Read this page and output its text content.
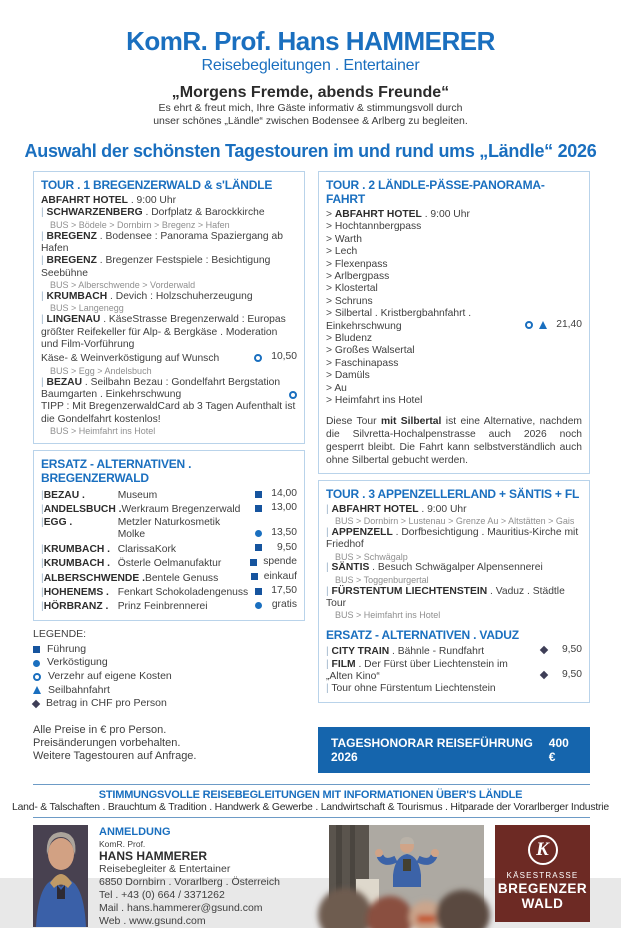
KomR. Prof. Hans HAMMERER
Reisebegleitungen . Entertainer
„Morgens Fremde, abends Freunde“
Es ehrt & freut mich, Ihre Gäste informativ & stimmungsvoll durch
unser schönes „Ländle“ zwischen Bodensee & Arlberg zu begleiten.
Auswahl der schönsten Tagestouren im und rund ums „Ländle“ 2026
TOUR . 1 BREGENZERWALD & s'LÄNDLE
ABFAHRT HOTEL . 9:00 Uhr
| SCHWARZENBERG . Dorfplatz & Barockkirche
BUS > Bödele > Dornbirn > Bregenz > Hafen
| BREGENZ . Bodensee : Panorama Spaziergang ab Hafen
| BREGENZ . Bregenzer Festspiele : Besichtigung Seebühne
BUS > Alberschwende > Vorderwald
| KRUMBACH . Devich : Holzschuherzeugung
BUS > Langenegg
| LINGENAU . KäseStrasse Bregenzerwald : Europas größter Reifekeller für Alp- & Bergkäse . Moderation und Film-Vorführung
Käse- & Weinverköstigung auf Wunsch	10,50
BUS > Egg > Andelsbuch
| BEZAU . Seilbahn Bezau : Gondelfahrt Bergstation Baumgarten . Einkehrschwung
TIPP : Mit BregenzerwaldCard ab 3 Tagen Aufenthalt ist die Gondelfahrt kostenlos!
BUS > Heimfahrt ins Hotel
ERSATZ - ALTERNATIVEN . BREGENZERWALD
| BEZAU .	Museum	14,00
| ANDELSBUCH . Werkraum Bregenzerwald	13,00
| EGG .	Metzler Naturkosmetik Molke	13,50
| KRUMBACH . ClarissaKork	9,50
| KRUMBACH . Österle Oelmanufaktur	spende
| ALBERSCHWENDE . Bentele Genuss	einkauf
| HOHENEMS . Fenkart Schokoladengenuss	17,50
| HÖRBRANZ . Prinz Feinbrennerei	gratis
LEGENDE:
Führung
Verköstigung
Verzehr auf eigene Kosten
Seilbahnfahrt
Betrag in CHF pro Person
Alle Preise in € pro Person.
Preisänderungen vorbehalten.
Weitere Tagestouren auf Anfrage.
TOUR . 2 LÄNDLE-PÄSSE-PANORAMA-FAHRT
> ABFAHRT HOTEL . 9:00 Uhr
> Hochtannbergpass
> Warth
> Lech
> Flexenpass
> Arlbergpass
> Klostertal
> Schruns
> Silbertal . Kristbergbahnfahrt . Einkehrschwung	21,40
> Bludenz
> Großes Walsertal
> Faschinapass
> Damüls
> Au
> Heimfahrt ins Hotel
Diese Tour mit Silbertal ist eine Alternative, nachdem die Silvretta-Hochalpenstrasse auch 2026 noch gesperrt bleibt. Die Fahrt kann selbstverständlich auch ohne Silbertal gebucht werden.
TOUR . 3 APPENZELLERLAND + SÄNTIS + FL
| ABFAHRT HOTEL . 9:00 Uhr
BUS > Dornbirn > Lustenau > Grenze Au > Altstätten > Gais
| APPENZELL . Dorfbesichtigung . Mauritius-Kirche mit Friedhof
BUS > Schwägalp
| SÄNTIS . Besuch Schwägalper Alpensennerei
BUS > Toggenburgertal
| FÜRSTENTUM LIECHTENSTEIN . Vaduz . Städtle Tour
BUS > Heimfahrt ins Hotel
ERSATZ - ALTERNATIVEN . VADUZ
| CITY TRAIN . Bähnle - Rundfahrt	9,50
| FILM . Der Fürst über Liechtenstein im „Alten Kino“	9,50
| Tour ohne Fürstentum Liechtenstein
TAGESHONORAR REISEFÜHRUNG 2026
400 €
STIMMUNGSVOLLE REISEBEGLEITUNGEN MIT INFORMATIONEN ÜBER'S LÄNDLE
Land- & Talschaften . Brauchtum & Tradition . Handwerk & Gewerbe . Landwirtschaft & Tourismus . Hitparade der Vorarlberger Industrie
ANMELDUNG
KomR. Prof.
HANS HAMMERER
Reisebegleiter & Entertainer
6850 Dornbirn . Vorarlberg . Österreich
Tel . +43 (0) 664 / 3371262
Mail . hans.hammerer@gsund.com
Web . www.gsund.com
K
KÄSESTRASSE
BREGENZER
WALD
